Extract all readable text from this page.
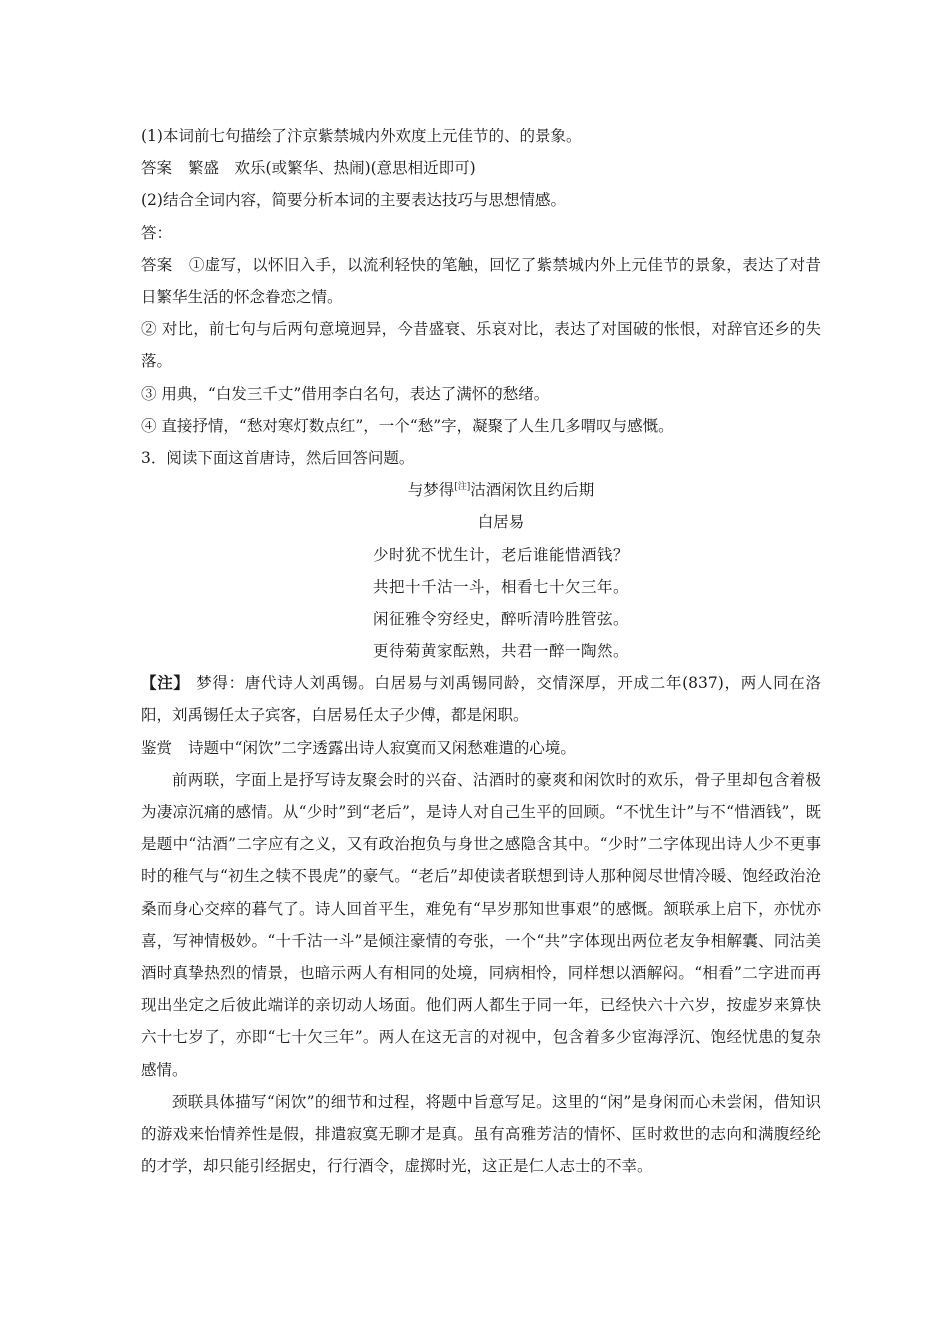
(1)本词前七句描绘了汴京紫禁城内外欢度上元佳节的、的景象。
答案 繁盛　欢乐(或繁华、热闹)(意思相近即可)
(2)结合全词内容，简要分析本词的主要表达技巧与思想情感。
答：
答案 ①虚写，以怀旧入手，以流利轻快的笔触，回忆了紫禁城内外上元佳节的景象，表达了对昔日繁华生活的怀念眷恋之情。
② 对比，前七句与后两句意境迥异，今昔盛衰、乐哀对比，表达了对国破的怅恨，对辞官还乡的失落。
③ 用典，“白发三千丈”借用李白名句，表达了满怀的愁绪。
④ 直接抒情，“愁对寒灯数点红”，一个“愁”字，凝聚了人生几多喟叹与感慨。
3．阅读下面这首唐诗，然后回答问题。
与梦得[注]沽酒闲饮且约后期
白居易
少时犹不忧生计，老后谁能惜酒钱？
共把十千沽一斗，相看七十欠三年。
闲征雅令穷经史，醉听清吟胜管弦。
更待菊黄家酝熟，共君一醉一陶然。
【注】 梦得：唐代诗人刘禹锡。白居易与刘禹锡同龄，交情深厚，开成二年(837)，两人同在洛阳，刘禹锡任太子宾客，白居易任太子少傅，都是闲职。
鉴赏 诗题中“闲饮”二字透露出诗人寂寞而又闲愁难遣的心境。
前两联，字面上是抒写诗友聚会时的兴奋、沽酒时的豪爽和闲饮时的欢乐，骨子里却包含着极为凄凉沉痛的感情。从“少时”到“老后”，是诗人对自己生平的回顾。“不忧生计”与不“惜酒钱”，既是题中“沽酒”二字应有之义，又有政治抱负与身世之感隐含其中。“少时”二字体现出诗人少不更事时的稚气与“初生之犊不畏虎”的豪气。“老后”却使读者联想到诗人那种阅尽世情冷暖、饱经政治沧桑而身心交瘁的暮气了。诗人回首平生，难免有“早岁那知世事艰”的感慨。颔联承上启下，亦忧亦喜，写神情极妙。“十千沽一斗”是倾注豪情的夸张，一个“共”字体现出两位老友争相解囊、同沽美酒时真挚热烈的情景，也暗示两人有相同的处境，同病相怜，同样想以酒解闷。“相看”二字进而再现出坐定之后彼此端详的亲切动人场面。他们两人都生于同一年，已经快六十六岁，按虚岁来算快六十七岁了，亦即“七十欠三年”。两人在这无言的对视中，包含着多少宦海浮沉、饱经忧患的复杂感情。
颈联具体描写“闲饮”的细节和过程，将题中旨意写足。这里的“闲”是身闲而心未尝闲，借知识的游戏来怡情养性是假，排遣寂寞无聊才是真。虽有高雅芳洁的情怀、匡时救世的志向和满腹经纶的才学，却只能引经据史，行行酒令，虚掷时光，这正是仁人志士的不幸。
